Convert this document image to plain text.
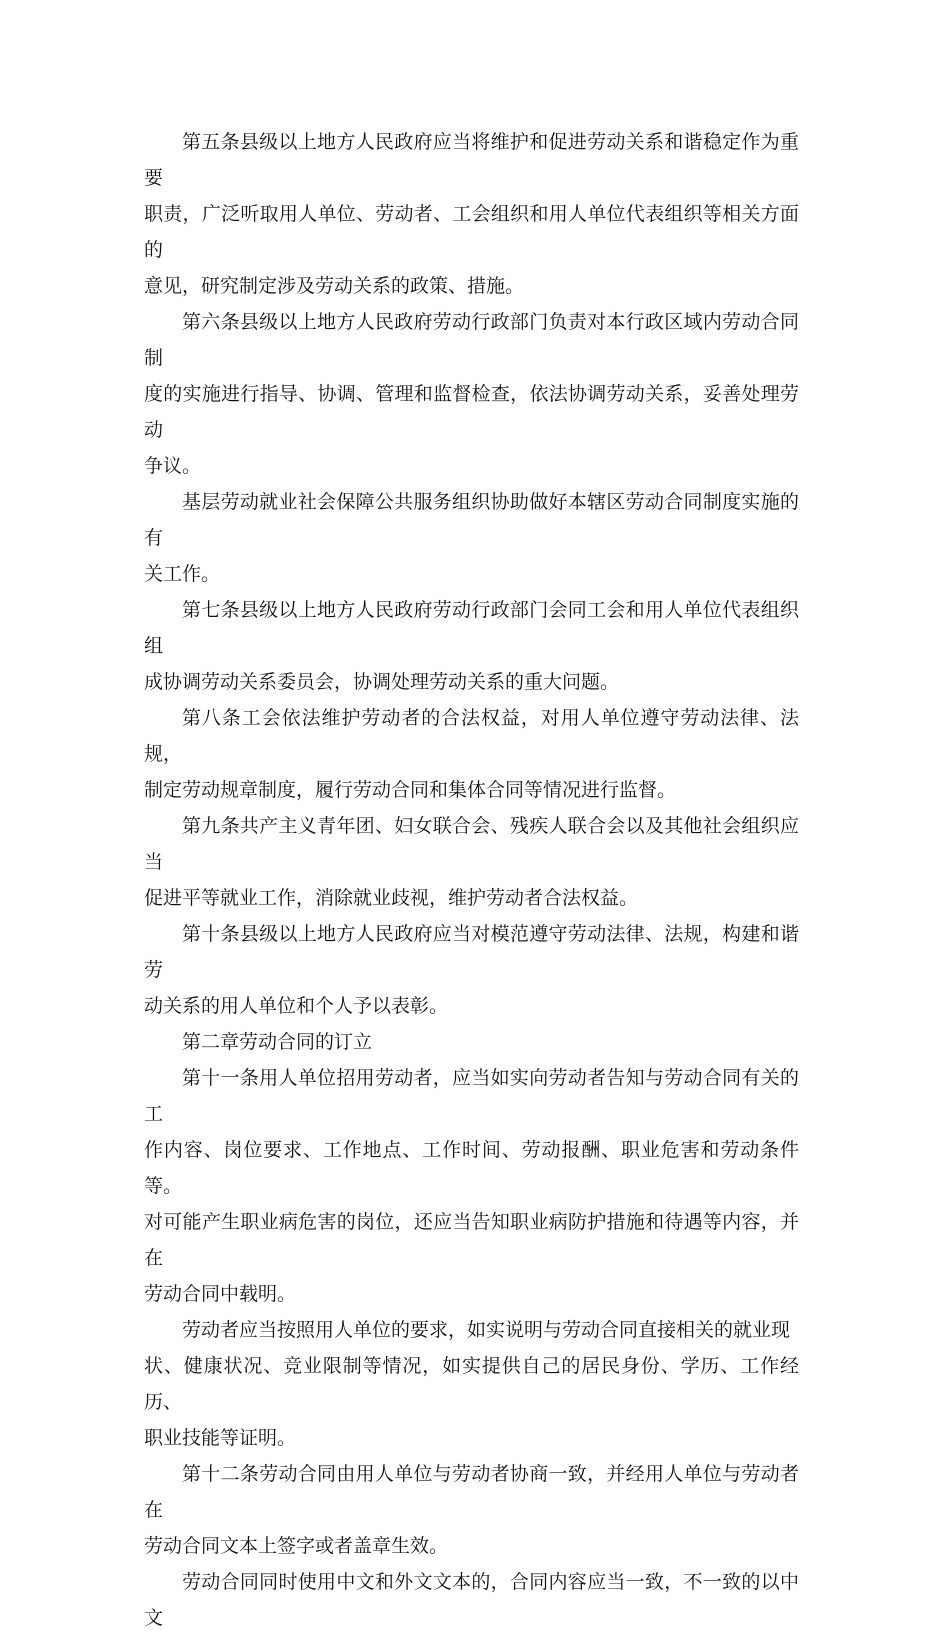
第五条县级以上地方人民政府应当将维护和促进劳动关系和谐稳定作为重要
职责，广泛听取用人单位、劳动者、工会组织和用人单位代表组织等相关方面的
意见，研究制定涉及劳动关系的政策、措施。

第六条县级以上地方人民政府劳动行政部门负责对本行政区域内劳动合同制
度的实施进行指导、协调、管理和监督检查，依法协调劳动关系，妥善处理劳动
争议。

基层劳动就业社会保障公共服务组织协助做好本辖区劳动合同制度实施的有
关工作。

第七条县级以上地方人民政府劳动行政部门会同工会和用人单位代表组织组
成协调劳动关系委员会，协调处理劳动关系的重大问题。

第八条工会依法维护劳动者的合法权益，对用人单位遵守劳动法律、法规，
制定劳动规章制度，履行劳动合同和集体合同等情况进行监督。

第九条共产主义青年团、妇女联合会、残疾人联合会以及其他社会组织应当
促进平等就业工作，消除就业歧视，维护劳动者合法权益。

第十条县级以上地方人民政府应当对模范遵守劳动法律、法规，构建和谐劳
动关系的用人单位和个人予以表彰。

第二章劳动合同的订立

第十一条用人单位招用劳动者，应当如实向劳动者告知与劳动合同有关的工
作内容、岗位要求、工作地点、工作时间、劳动报酬、职业危害和劳动条件等。
对可能产生职业病危害的岗位，还应当告知职业病防护措施和待遇等内容，并在
劳动合同中载明。

劳动者应当按照用人单位的要求，如实说明与劳动合同直接相关的就业现
状、健康状况、竞业限制等情况，如实提供自己的居民身份、学历、工作经历、
职业技能等证明。

第十二条劳动合同由用人单位与劳动者协商一致，并经用人单位与劳动者在
劳动合同文本上签字或者盖章生效。

劳动合同同时使用中文和外文文本的，合同内容应当一致，不一致的以中文
